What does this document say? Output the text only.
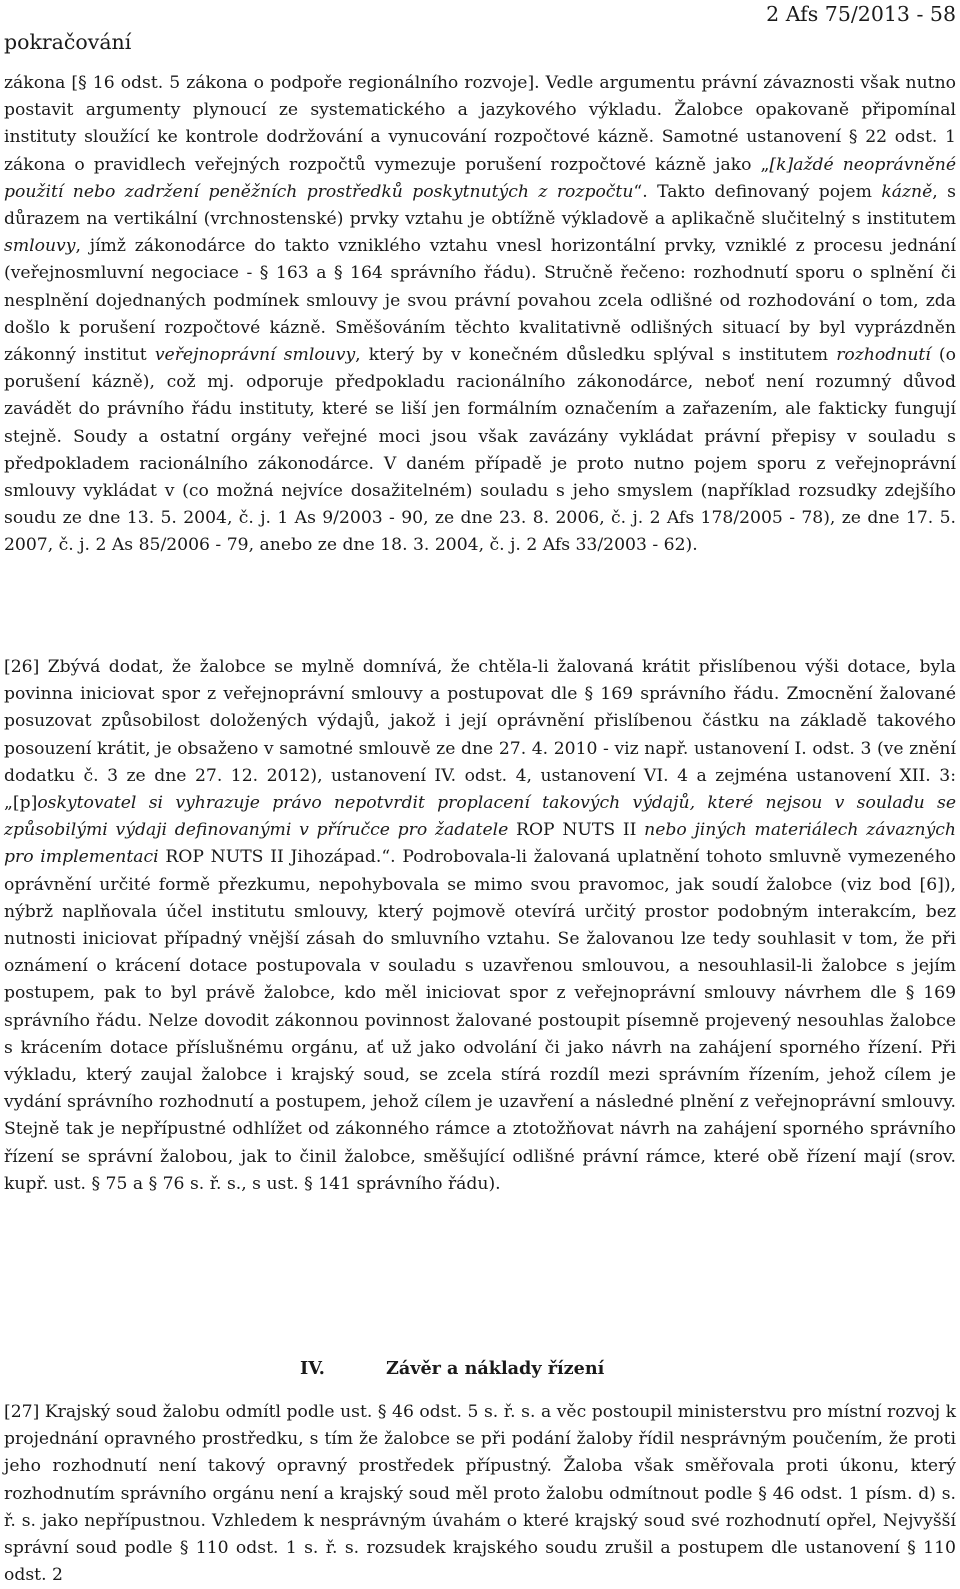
pokračování
2 Afs 75/2013 - 58

zákona [§ 16 odst. 5 zákona o podpoře regionálního rozvoje]. Vedle argumentu právní závaznosti však nutno postavit argumenty plynoucí ze systematického a jazykového výkladu. Žalobce opakovaně připomínal instituty sloužící ke kontrole dodržování a vynucování rozpočtové kázně. Samotné ustanovení § 22 odst. 1 zákona o pravidlech veřejných rozpočtů vymezuje porušení rozpočtové kázně jako „[k]aždé neoprávněné použití nebo zadržení peněžních prostředků poskytnutých z rozpočtu“. Takto definovaný pojem kázně, s důrazem na vertikální (vrchnostenské) prvky vztahu je obtížně výkladově a aplikačně slučitelný s institutem smlouvy, jímž zákonodárce do takto vzniklého vztahu vnesl horizontální prvky, vzniklé z procesu jednání (veřejnosmluvní negociace - § 163 a § 164 správního řádu). Stručně řečeno: rozhodnutí sporu o splnění či nesplnění dojednaných podmínek smlouvy je svou právní povahou zcela odlišné od rozhodování o tom, zda došlo k porušení rozpočtové kázně. Směšováním těchto kvalitativně odlišných situací by byl vyprázdněn zákonný institut veřejnoprávní smlouvy, který by v konečném důsledku splýval s institutem rozhodnutí (o porušení kázně), což mj. odporuje předpokladu racionálního zákonodárce, neboť není rozumný důvod zavádět do právního řádu instituty, které se liší jen formálním označením a zařazením, ale fakticky fungují stejně. Soudy a ostatní orgány veřejné moci jsou však zavázány vykládat právní přepisy v souladu s předpokladem racionálního zákonodárce. V daném případě je proto nutno pojem sporu z veřejnoprávní smlouvy vykládat v (co možná nejvíce dosažitelném) souladu s jeho smyslem (například rozsudky zdejšího soudu ze dne 13. 5. 2004, č. j. 1 As 9/2003 - 90, ze dne 23. 8. 2006, č. j. 2 Afs 178/2005 - 78), ze dne 17. 5. 2007, č. j. 2 As 85/2006 - 79, anebo ze dne 18. 3. 2004, č. j. 2 Afs 33/2003 - 62).

[26] Zbývá dodat, že žalobce se mylně domnívá, že chtěla-li žalovaná krátit přislíbenou výši dotace, byla povinna iniciovat spor z veřejnoprávní smlouvy a postupovat dle § 169 správního řádu. Zmocnění žalované posuzovat způsobilost doložených výdajů, jakož i její oprávnění přislíbenou částku na základě takového posouzení krátit, je obsaženo v samotné smlouvě ze dne 27. 4. 2010 - viz např. ustanovení I. odst. 3 (ve znění dodatku č. 3 ze dne 27. 12. 2012), ustanovení IV. odst. 4, ustanovení VI. 4 a zejména ustanovení XII. 3: „[p]oskytovatel si vyhrazuje právo nepotvrdit proplacení takových výdajů, které nejsou v souladu se způsobilými výdaji definovanými v příručce pro žadatele ROP NUTS II nebo jiných materiálech závazných pro implementaci ROP NUTS II Jihozápad.“. Podrobovala-li žalovaná uplatnění tohoto smluvně vymezeného oprávnění určité formě přezkumu, nepohybovala se mimo svou pravomoc, jak soudí žalobce (viz bod [6]), nýbrž naplňovala účel institutu smlouvy, který pojmově otevírá určitý prostor podobným interakcím, bez nutnosti iniciovat případný vnější zásah do smluvního vztahu. Se žalovanou lze tedy souhlasit v tom, že při oznámení o krácení dotace postupovala v souladu s uzavřenou smlouvou, a nesouhlasil-li žalobce s jejím postupem, pak to byl právě žalobce, kdo měl iniciovat spor z veřejnoprávní smlouvy návrhem dle § 169 správního řádu. Nelze dovodit zákonnou povinnost žalované postoupit písemně projevený nesouhlas žalobce s krácením dotace příslušnému orgánu, ať už jako odvolání či jako návrh na zahájení sporného řízení. Při výkladu, který zaujal žalobce i krajský soud, se zcela stírá rozdíl mezi správním řízením, jehož cílem je vydání správního rozhodnutí a postupem, jehož cílem je uzavření a následné plnění z veřejnoprávní smlouvy. Stejně tak je nepřípustné odhlížet od zákonného rámce a ztotožňovat návrh na zahájení sporného správního řízení se správní žalobou, jak to činil žalobce, směšující odlišné právní rámce, které obě řízení mají (srov. kupř. ust. § 75 a § 76 s. ř. s., s ust. § 141 správního řádu).

IV.	Závěr a náklady řízení

[27] Krajský soud žalobu odmítl podle ust. § 46 odst. 5 s. ř. s. a věc postoupil ministerstvu pro místní rozvoj k projednání opravného prostředku, s tím že žalobce se při podání žaloby řídil nesprávným poučením, že proti jeho rozhodnutí není takový opravný prostředek přípustný. Žaloba však směřovala proti úkonu, který rozhodnutím správního orgánu není a krajský soud měl proto žalobu odmítnout podle § 46 odst. 1 písm. d) s. ř. s. jako nepřípustnou. Vzhledem k nesprávným úvahám o které krajský soud své rozhodnutí opřel, Nejvyšší správní soud podle § 110 odst. 1 s. ř. s. rozsudek krajského soudu zrušil a postupem dle ustanovení § 110 odst. 2
